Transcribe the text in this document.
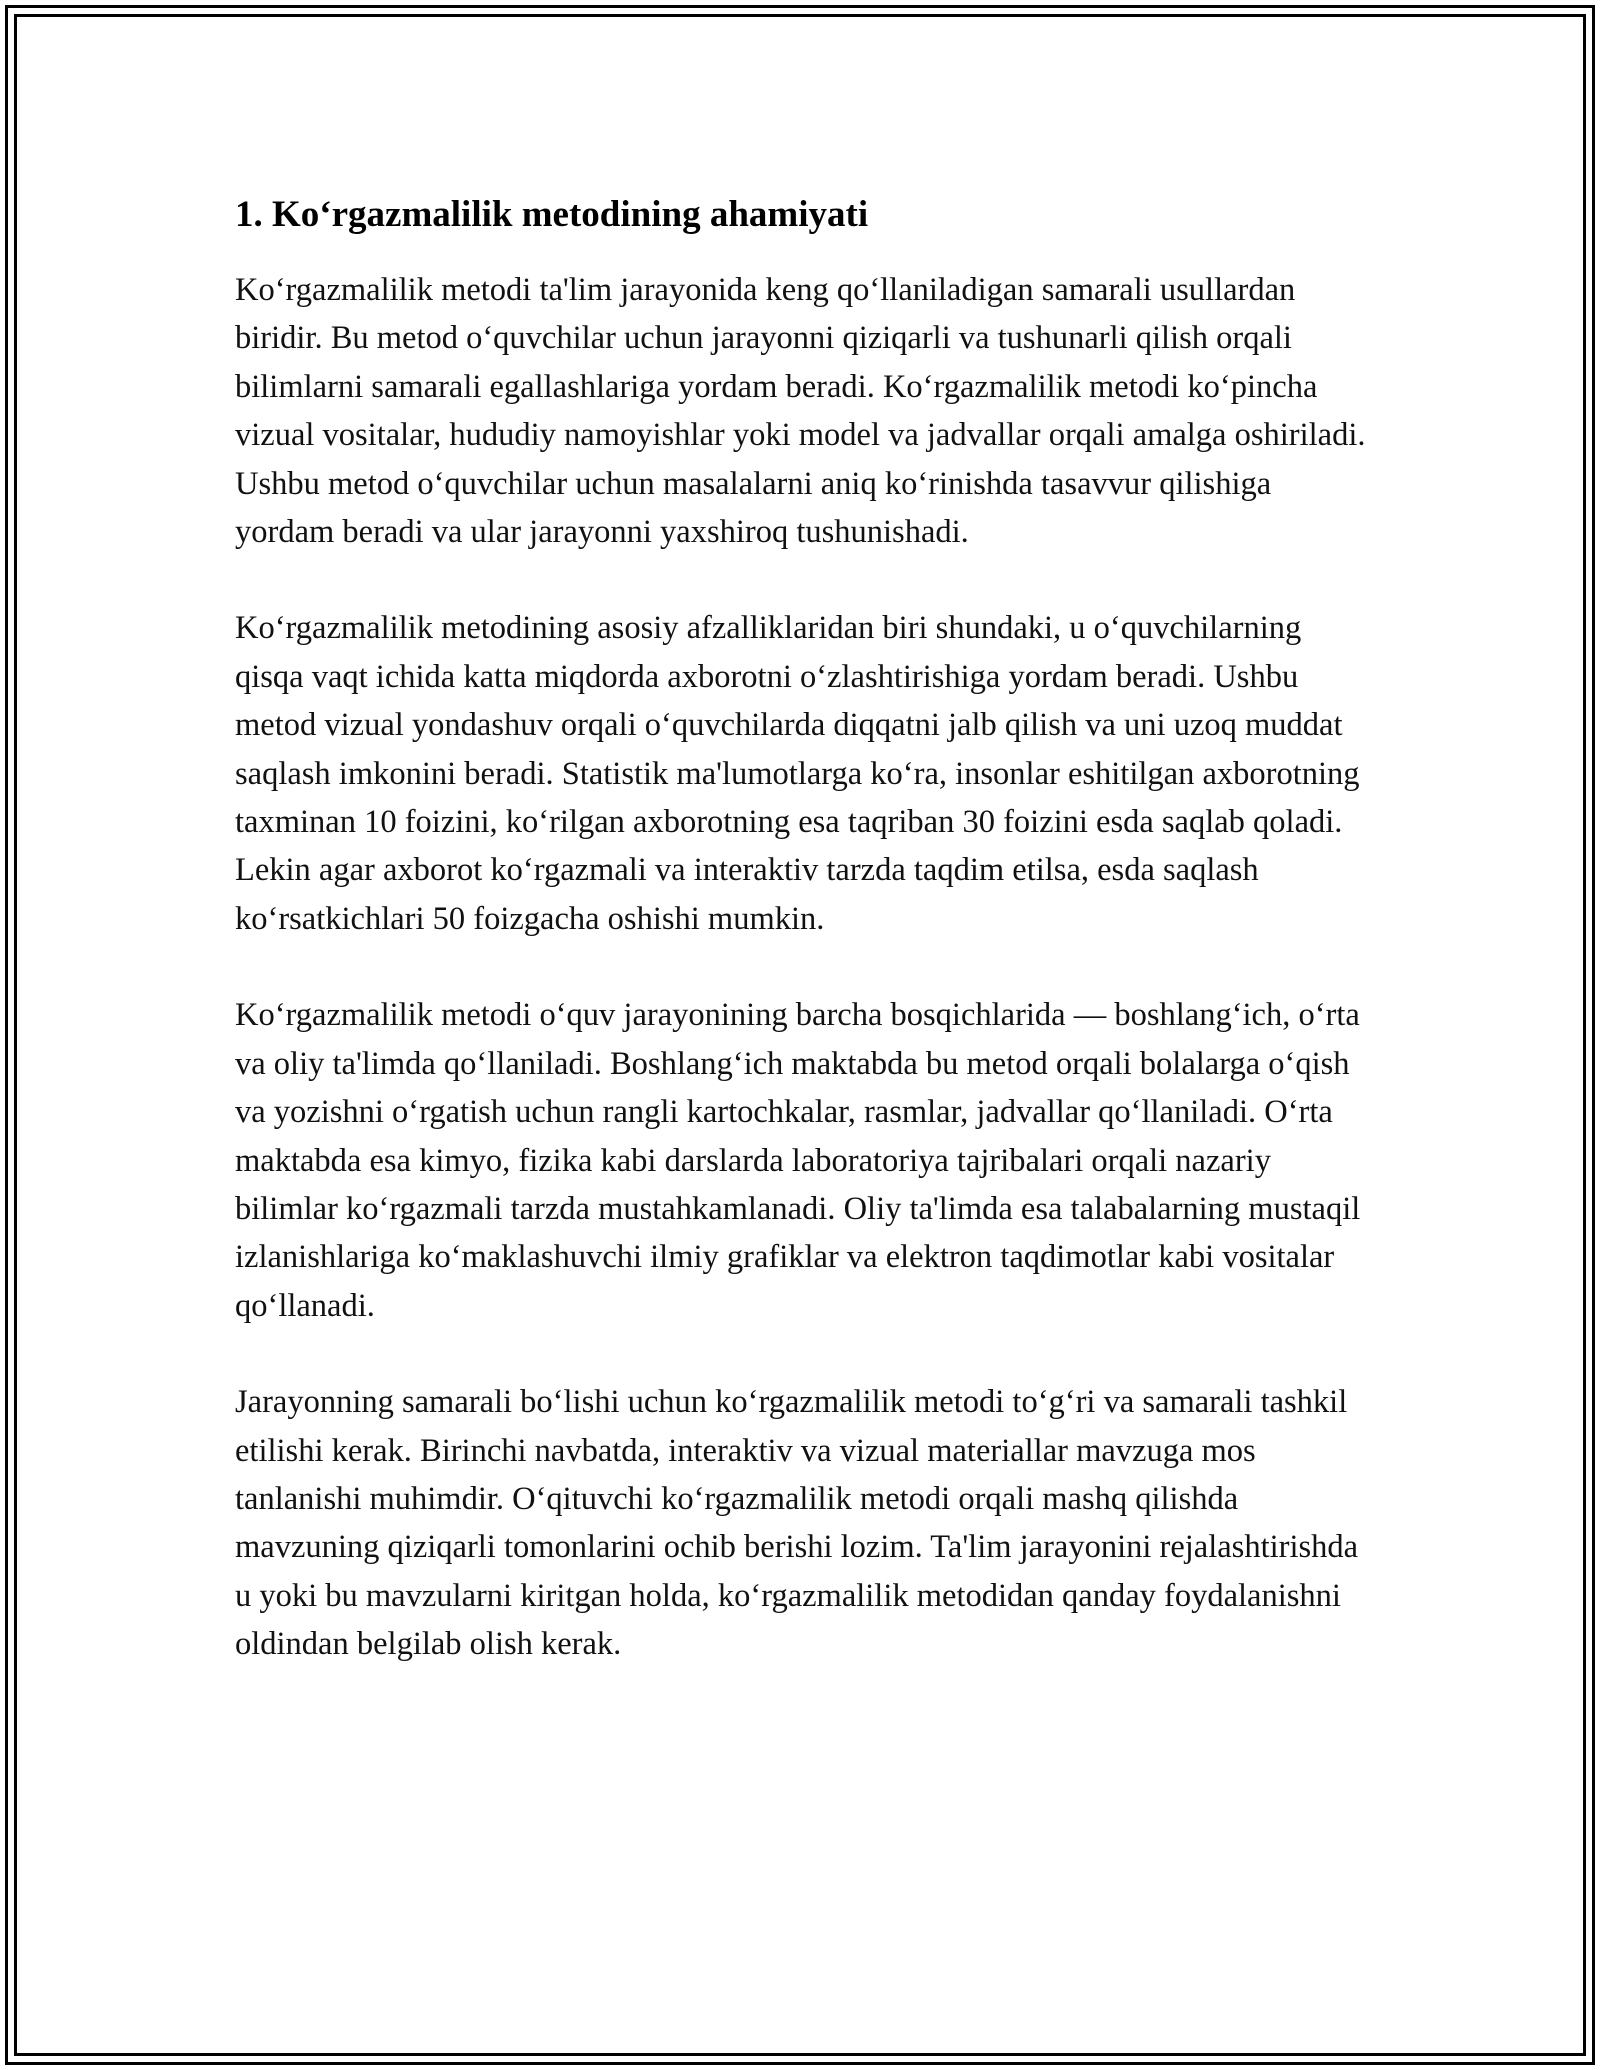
1. Koʻrgazmalilik metodining ahamiyati

Koʻrgazmalilik metodi ta'lim jarayonida keng qoʻllaniladigan samarali usullardan biridir. Bu metod oʻquvchilar uchun jarayonni qiziqarli va tushunarli qilish orqali bilimlarni samarali egallashlariga yordam beradi. Koʻrgazmalilik metodi koʻpincha vizual vositalar, hududiy namoyishlar yoki model va jadvallar orqali amalga oshiriladi. Ushbu metod oʻquvchilar uchun masalalarni aniq koʻrinishda tasavvur qilishiga yordam beradi va ular jarayonni yaxshiroq tushunishadi.

Koʻrgazmalilik metodining asosiy afzalliklaridan biri shundaki, u oʻquvchilarning qisqa vaqt ichida katta miqdorda axborotni oʻzlashtirishiga yordam beradi. Ushbu metod vizual yondashuv orqali oʻquvchilarda diqqatni jalb qilish va uni uzoq muddat saqlash imkonini beradi. Statistik ma'lumotlarga koʻra, insonlar eshitilgan axborotning taxminan 10 foizini, koʻrilgan axborotning esa taqriban 30 foizini esda saqlab qoladi. Lekin agar axborot koʻrgazmali va interaktiv tarzda taqdim etilsa, esda saqlash koʻrsatkichlari 50 foizgacha oshishi mumkin.

Koʻrgazmalilik metodi oʻquv jarayonining barcha bosqichlarida — boshlangʻich, oʻrta va oliy ta'limda qoʻllaniladi. Boshlangʻich maktabda bu metod orqali bolalarga oʻqish va yozishni oʻrgatish uchun rangli kartochkalar, rasmlar, jadvallar qoʻllaniladi. Oʻrta maktabda esa kimyo, fizika kabi darslarda laboratoriya tajribalari orqali nazariy bilimlar koʻrgazmali tarzda mustahkamlanadi. Oliy ta'limda esa talabalarning mustaqil izlanishlariga koʻmaklashuvchi ilmiy grafiklar va elektron taqdimotlar kabi vositalar qoʻllanadi.

Jarayonning samarali boʻlishi uchun koʻrgazmalilik metodi toʻgʻri va samarali tashkil etilishi kerak. Birinchi navbatda, interaktiv va vizual materiallar mavzuga mos tanlanishi muhimdir. Oʻqituvchi koʻrgazmalilik metodi orqali mashq qilishda mavzuning qiziqarli tomonlarini ochib berishi lozim. Ta'lim jarayonini rejalashtirishda u yoki bu mavzularni kiritgan holda, koʻrgazmalilik metodidan qanday foydalanishni oldindan belgilab olish kerak.
